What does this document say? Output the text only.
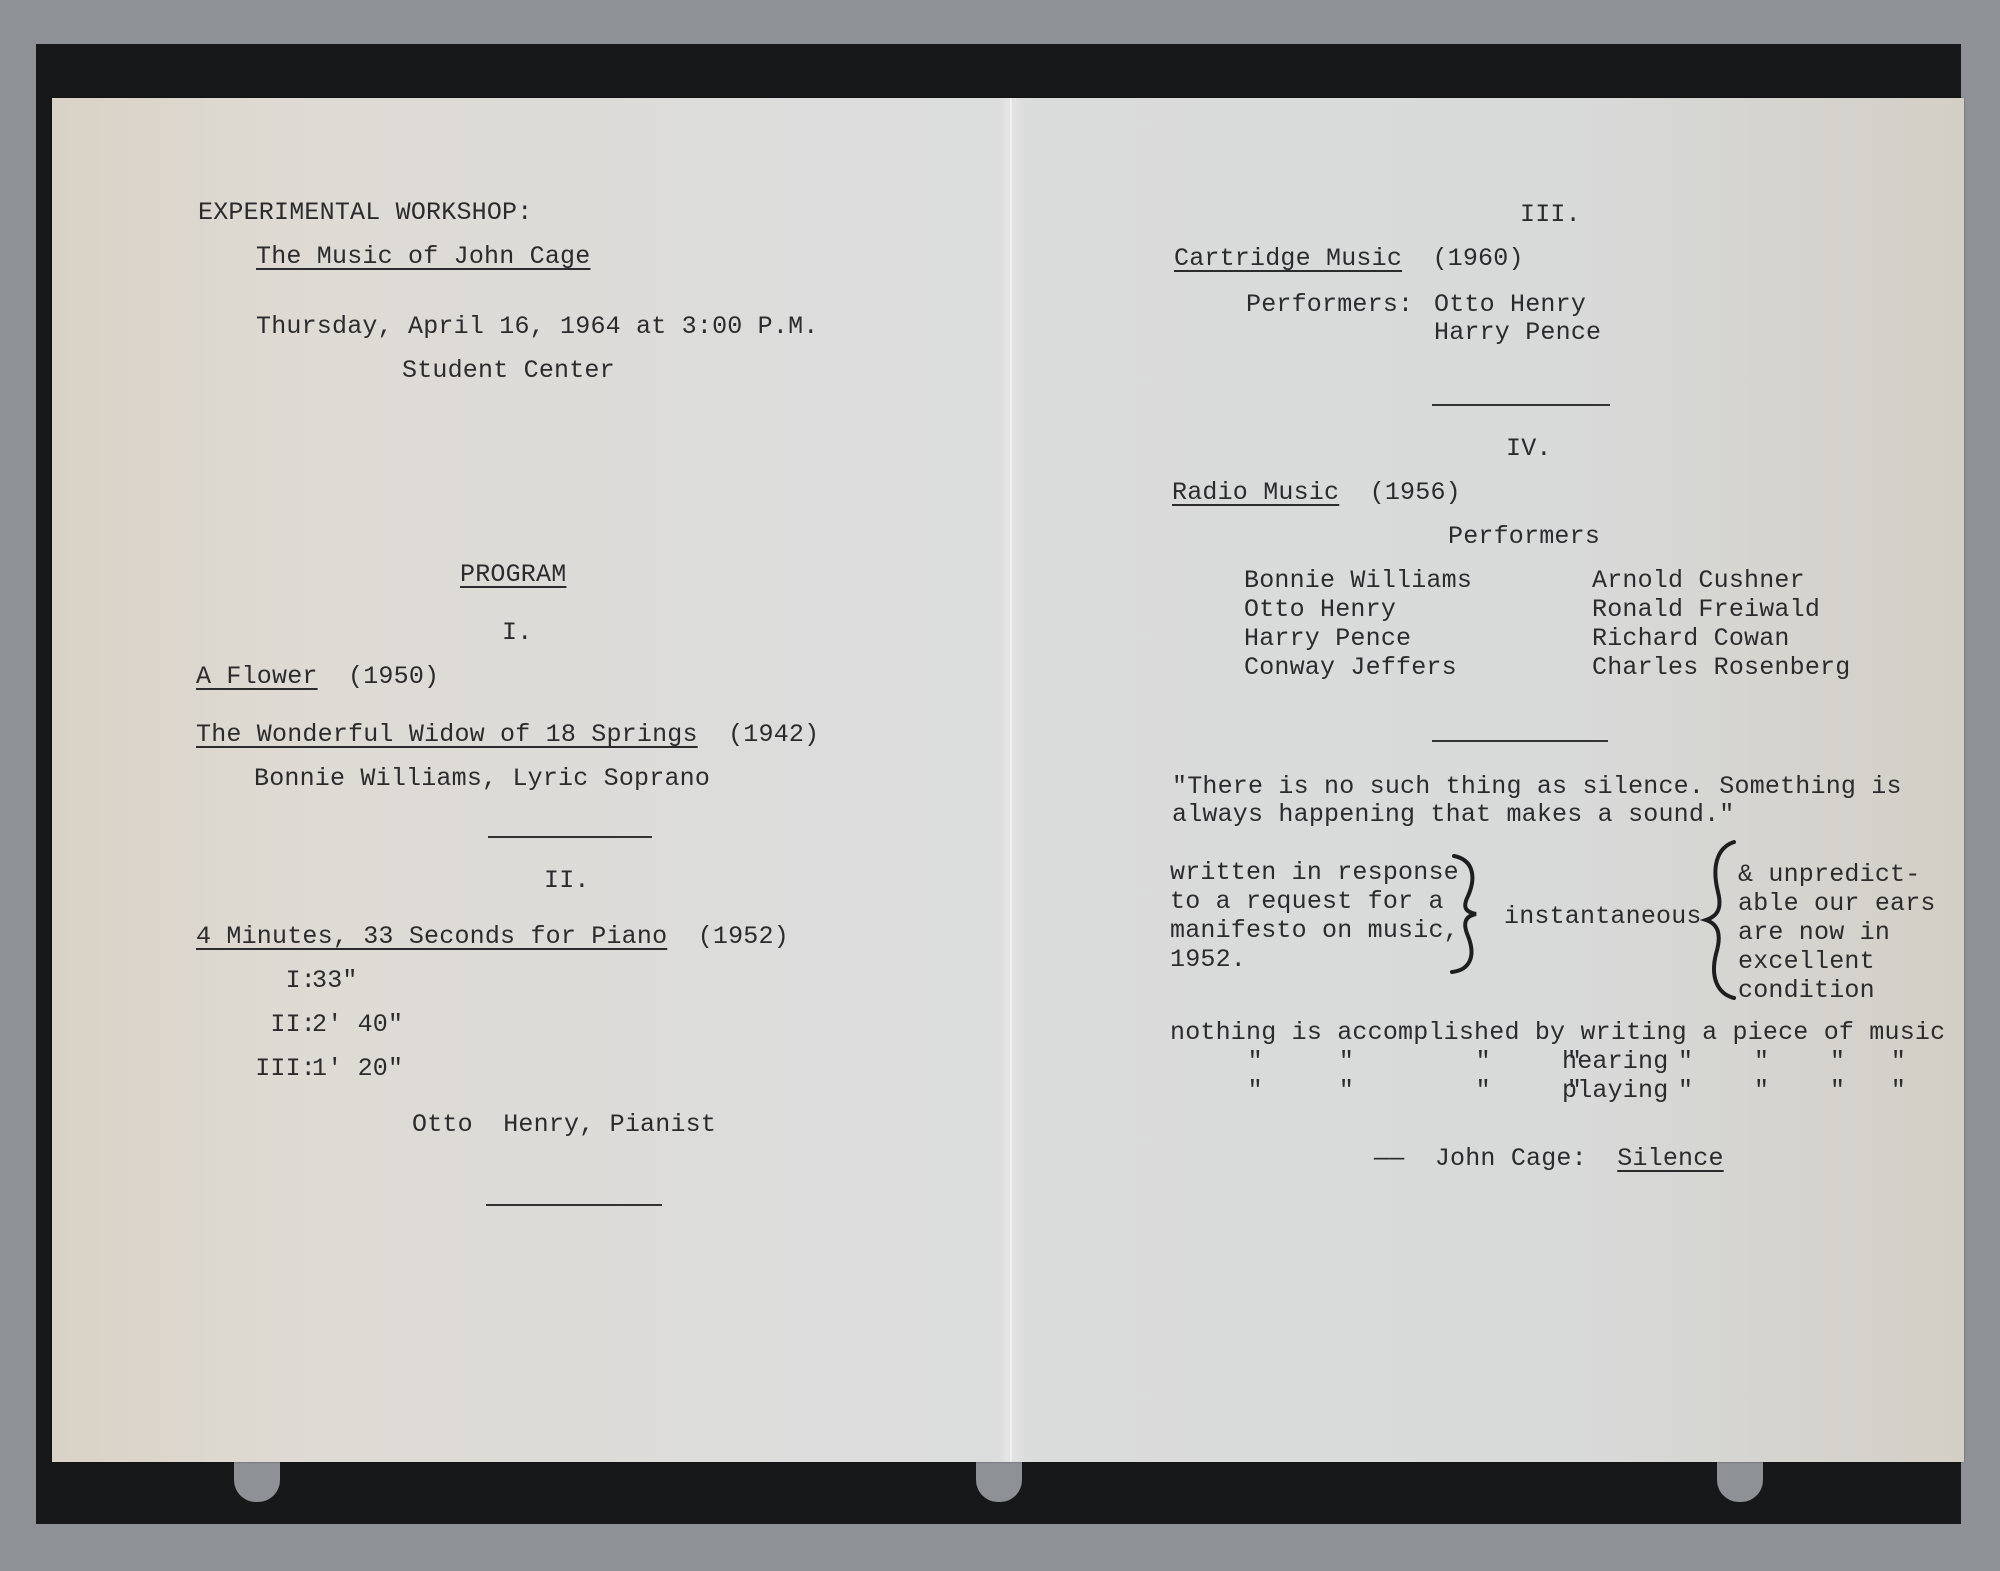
EXPERIMENTAL WORKSHOP:
The Music of John Cage
Thursday, April 16, 1964 at 3:00 P.M.
Student Center
PROGRAM
I.
A Flower (1950)
The Wonderful Widow of 18 Springs (1942)
Bonnie Williams, Lyric Soprano
II.
4 Minutes, 33 Seconds for Piano (1952)
I:
33"
II:
2' 40"
III:
1' 20"
Otto  Henry, Pianist
III.
Cartridge Music (1960)
Performers: Otto Henry
Harry Pence
IV.
Radio Music (1956)
Performers
Bonnie Williams
Otto Henry
Harry Pence
Conway Jeffers
Arnold Cushner
Ronald Freiwald
Richard Cowan
Charles Rosenberg
"There is no such thing as silence. Something is
always happening that makes a sound."
written in response
to a request for a
manifesto on music,
1952.
instantaneous
& unpredict-
able our ears
are now in
excellent
condition
nothing is accomplished by writing a piece of music
"     "        "     "
hearing "    "    "   "
"     "        "     "
playing "    "    "   "
—— John Cage: Silence
